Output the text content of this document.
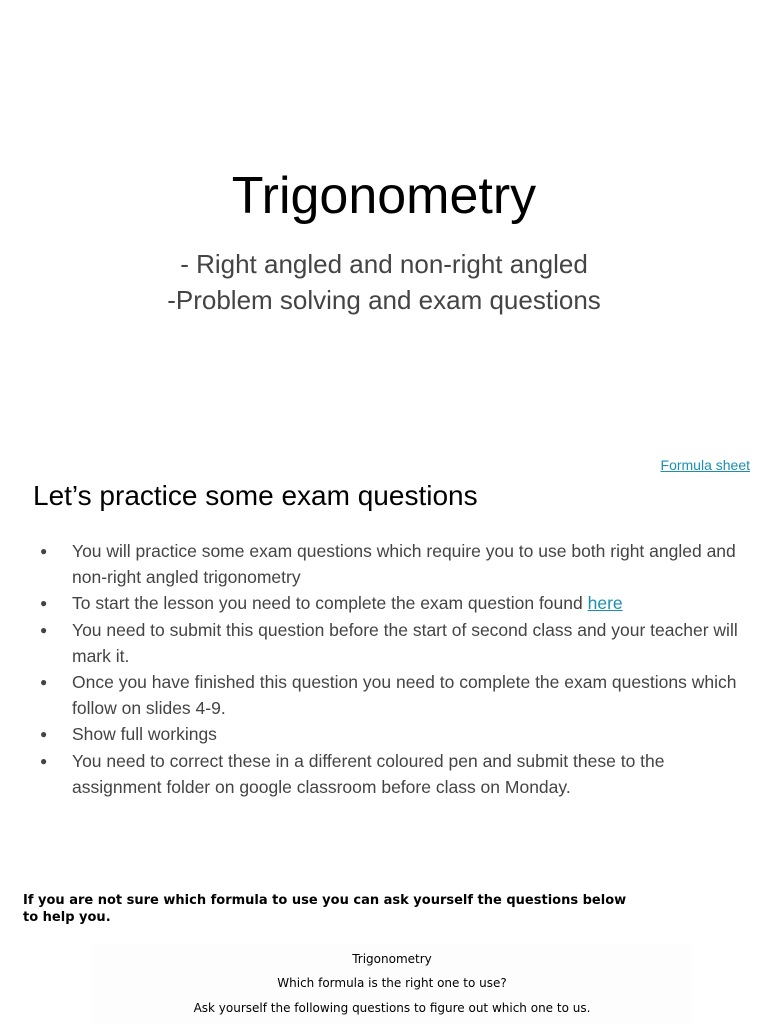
Trigonometry
- Right angled and non-right angled
-Problem solving and exam questions
Formula sheet
Let’s practice some exam questions
● You will practice some exam questions which require you to use both right angled and non-right angled trigonometry
● To start the lesson you need to complete the exam question found here
● You need to submit this question before the start of second class and your teacher will mark it.
● Once you have finished this question you need to complete the exam questions which follow on slides 4-9.
● Show full workings
● You need to correct these in a different coloured pen and submit these to the assignment folder on google classroom before class on Monday.
If you are not sure which formula to use you can ask yourself the questions below to help you.
Trigonometry
Which formula is the right one to use?
Ask yourself the following questions to figure out which one to us.
